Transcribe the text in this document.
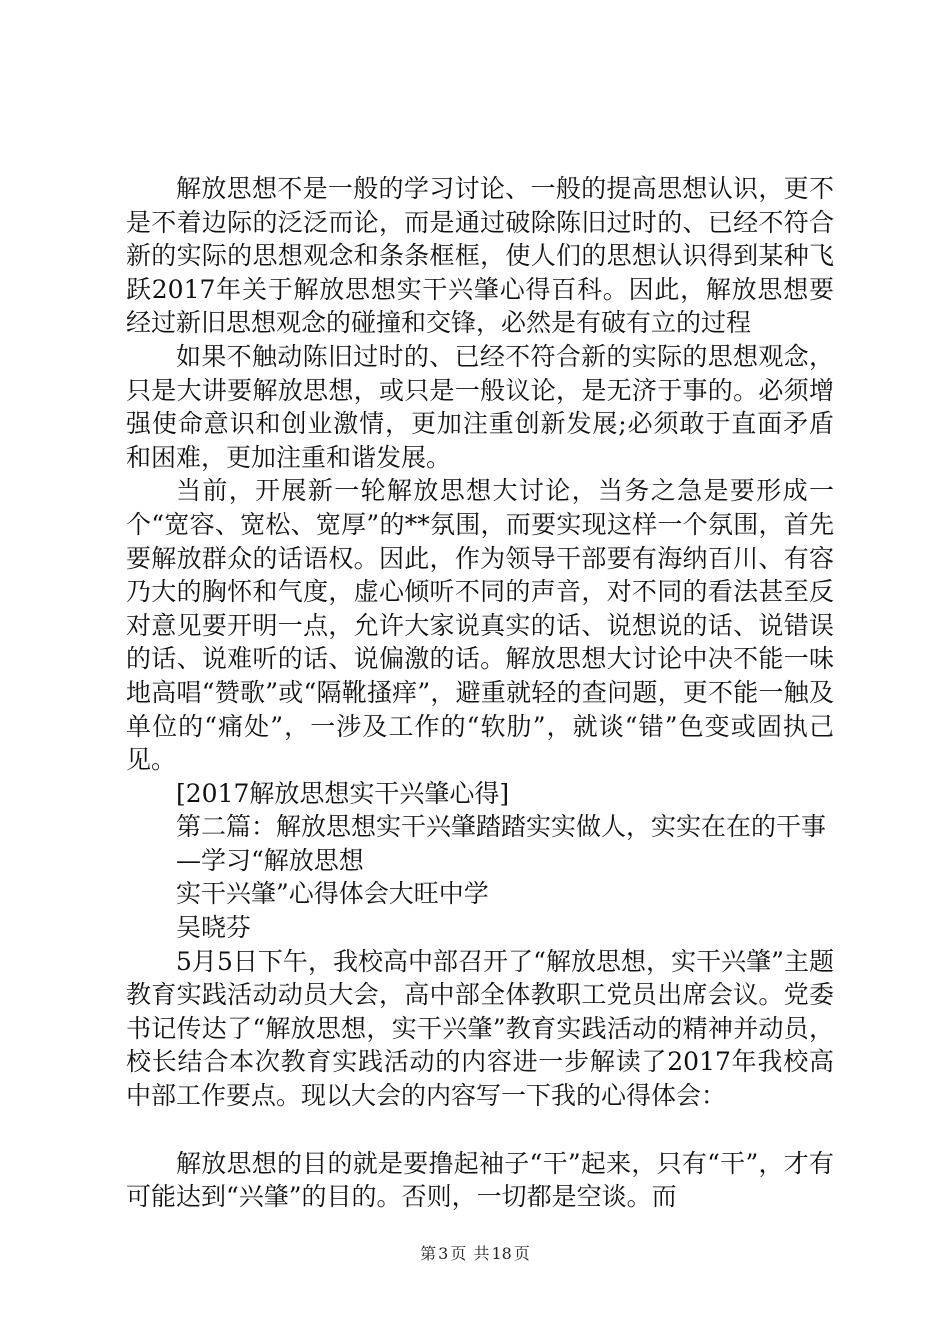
解放思想不是一般的学习讨论、一般的提高思想认识，更不是不着边际的泛泛而论，而是通过破除陈旧过时的、已经不符合新的实际的思想观念和条条框框，使人们的思想认识得到某种飞跃2017年关于解放思想实干兴肇心得百科。因此，解放思想要经过新旧思想观念的碰撞和交锋，必然是有破有立的过程

如果不触动陈旧过时的、已经不符合新的实际的思想观念，只是大讲要解放思想，或只是一般议论，是无济于事的。必须增强使命意识和创业激情，更加注重创新发展;必须敢于直面矛盾和困难，更加注重和谐发展。

当前，开展新一轮解放思想大讨论，当务之急是要形成一个“宽容、宽松、宽厚”的**氛围，而要实现这样一个氛围，首先要解放群众的话语权。因此，作为领导干部要有海纳百川、有容乃大的胸怀和气度，虚心倾听不同的声音，对不同的看法甚至反对意见要开明一点，允许大家说真实的话、说想说的话、说错误的话、说难听的话、说偏激的话。解放思想大讨论中决不能一味地高唱“赞歌”或“隔靴搔痒”，避重就轻的查问题，更不能一触及单位的“痛处”，一涉及工作的“软肋”，就谈“错”色变或固执己见。

[2017解放思想实干兴肇心得]

第二篇：解放思想实干兴肇踏踏实实做人，实实在在的干事

—学习“解放思想

实干兴肇”心得体会大旺中学

吴晓芬

5月5日下午，我校高中部召开了“解放思想，实干兴肇”主题教育实践活动动员大会，高中部全体教职工党员出席会议。党委书记传达了“解放思想，实干兴肇”教育实践活动的精神并动员，校长结合本次教育实践活动的内容进一步解读了2017年我校高中部工作要点。现以大会的内容写一下我的心得体会：

解放思想的目的就是要撸起袖子“干”起来，只有“干”，才有可能达到“兴肇”的目的。否则，一切都是空谈。而

第 3 页 共 18 页
